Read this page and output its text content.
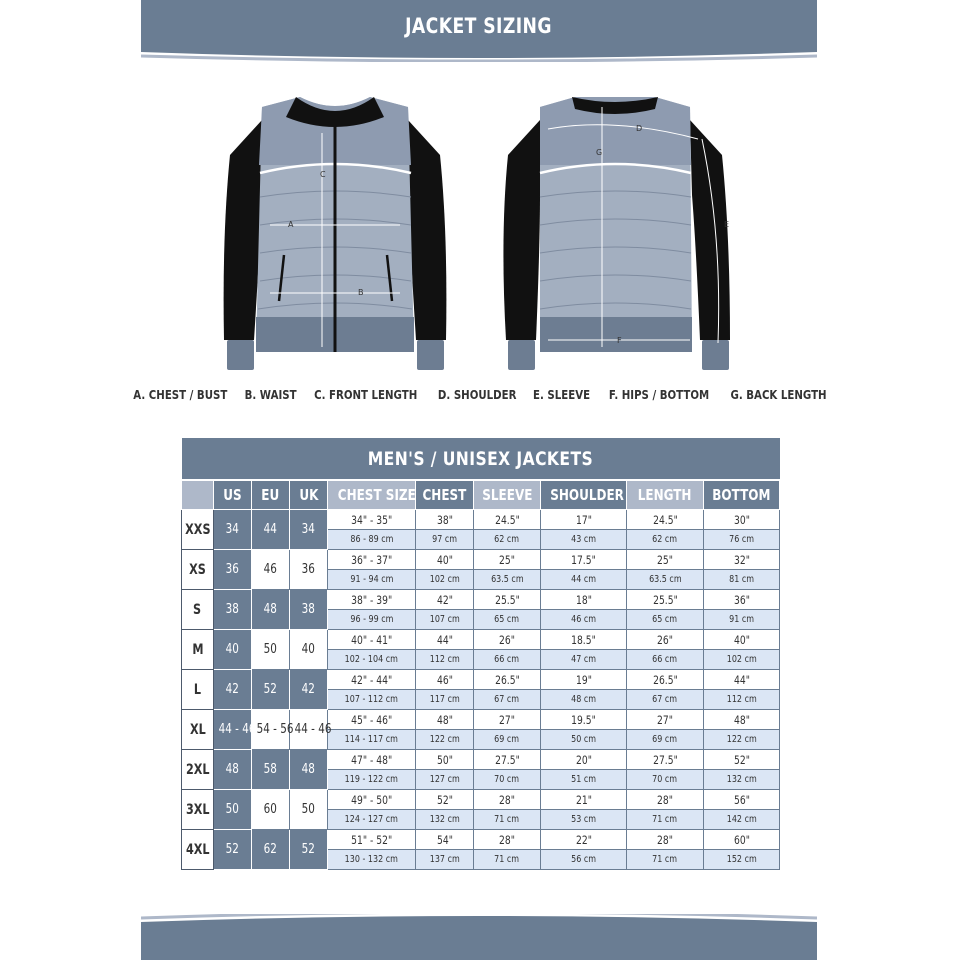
JACKET SIZING
C
A
B
D
G
E
F
A. CHEST / BUST B. WAIST C. FRONT LENGTH D. SHOULDER E. SLEEVE F. HIPS / BOTTOM G. BACK LENGTH
MEN'S / UNISEX JACKETS									
	US	EU	UK	CHEST SIZE	CHEST	SLEEVE	SHOULDER	LENGTH	BOTTOM
XXS	34	44	34	34" - 35"	38"	24.5"	17"	24.5"	30"
				86 - 89 cm	97 cm	62 cm	43 cm	62 cm	76 cm
XS	36	46	36	36" - 37"	40"	25"	17.5"	25"	32"
				91 - 94 cm	102 cm	63.5 cm	44 cm	63.5 cm	81 cm
S	38	48	38	38" - 39"	42"	25.5"	18"	25.5"	36"
				96 - 99 cm	107 cm	65 cm	46 cm	65 cm	91 cm
M	40	50	40	40" - 41"	44"	26"	18.5"	26"	40"
				102 - 104 cm	112 cm	66 cm	47 cm	66 cm	102 cm
L	42	52	42	42" - 44"	46"	26.5"	19"	26.5"	44"
				107 - 112 cm	117 cm	67 cm	48 cm	67 cm	112 cm
XL	44 - 46	54 - 56	44 - 46	45" - 46"	48"	27"	19.5"	27"	48"
				114 - 117 cm	122 cm	69 cm	50 cm	69 cm	122 cm
2XL	48	58	48	47" - 48"	50"	27.5"	20"	27.5"	52"
				119 - 122 cm	127 cm	70 cm	51 cm	70 cm	132 cm
3XL	50	60	50	49" - 50"	52"	28"	21"	28"	56"
				124 - 127 cm	132 cm	71 cm	53 cm	71 cm	142 cm
4XL	52	62	52	51" - 52"	54"	28"	22"	28"	60"
				130 - 132 cm	137 cm	71 cm	56 cm	71 cm	152 cm
